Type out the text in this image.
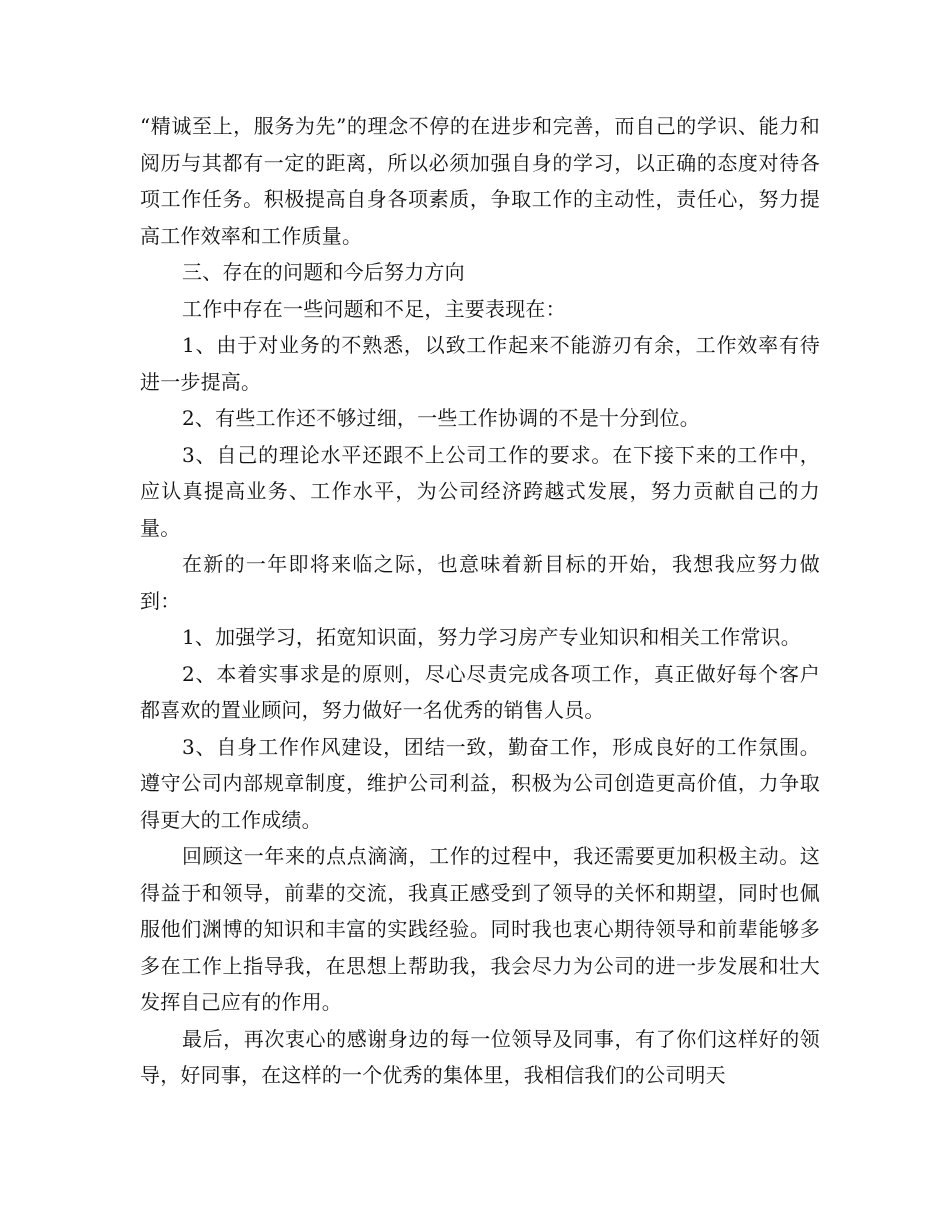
“精诚至上，服务为先”的理念不停的在进步和完善，而自己的学识、能力和阅历与其都有一定的距离，所以必须加强自身的学习，以正确的态度对待各项工作任务。积极提高自身各项素质，争取工作的主动性，责任心，努力提高工作效率和工作质量。

三、存在的问题和今后努力方向

工作中存在一些问题和不足，主要表现在：

1、由于对业务的不熟悉，以致工作起来不能游刃有余，工作效率有待进一步提高。

2、有些工作还不够过细，一些工作协调的不是十分到位。

3、自己的理论水平还跟不上公司工作的要求。在下接下来的工作中，应认真提高业务、工作水平，为公司经济跨越式发展，努力贡献自己的力量。

在新的一年即将来临之际，也意味着新目标的开始，我想我应努力做到：

1、加强学习，拓宽知识面，努力学习房产专业知识和相关工作常识。

2、本着实事求是的原则，尽心尽责完成各项工作，真正做好每个客户都喜欢的置业顾问，努力做好一名优秀的销售人员。

3、自身工作作风建设，团结一致，勤奋工作，形成良好的工作氛围。遵守公司内部规章制度，维护公司利益，积极为公司创造更高价值，力争取得更大的工作成绩。

回顾这一年来的点点滴滴，工作的过程中，我还需要更加积极主动。这得益于和领导，前辈的交流，我真正感受到了领导的关怀和期望，同时也佩服他们渊博的知识和丰富的实践经验。同时我也衷心期待领导和前辈能够多多在工作上指导我，在思想上帮助我，我会尽力为公司的进一步发展和壮大发挥自己应有的作用。

最后，再次衷心的感谢身边的每一位领导及同事，有了你们这样好的领导，好同事，在这样的一个优秀的集体里，我相信我们的公司明天
